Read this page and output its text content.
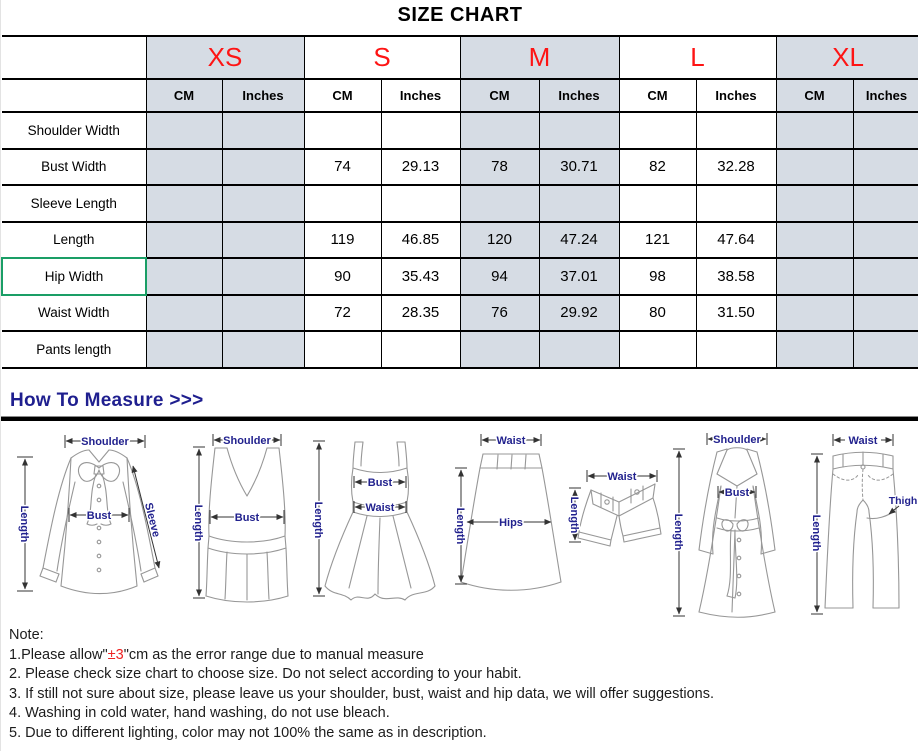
SIZE CHART
	XS		S		M		L		XL	
	CM	Inches	CM	Inches	CM	Inches	CM	Inches	CM	Inches
Shoulder Width										
Bust Width			74	29.13	78	30.71	82	32.28		
Sleeve Length										
Length			119	46.85	120	47.24	121	47.64		
Hip Width			90	35.43	94	37.01	98	38.58		
Waist Width			72	28.35	76	29.92	80	31.50		
Pants length										
How To Measure >>>
Shoulder
Length	Bust	Sleeve
Shoulder
Length	Bust	Length
Bust
Waist
Waist
Hips
Length
Waist
Length
Shoulder
Length
Bust
Waist
Length
Thigh
Note:
1.Please allow"±3"cm as the error range due to manual measure
2. Please check size chart to choose size. Do not select according to your habit.
3. If still not sure about size, please leave us your shoulder, bust, waist and hip data, we will offer suggestions.
4. Washing in cold water, hand washing, do not use bleach.
5. Due to different lighting, color may not 100% the same as in description.
